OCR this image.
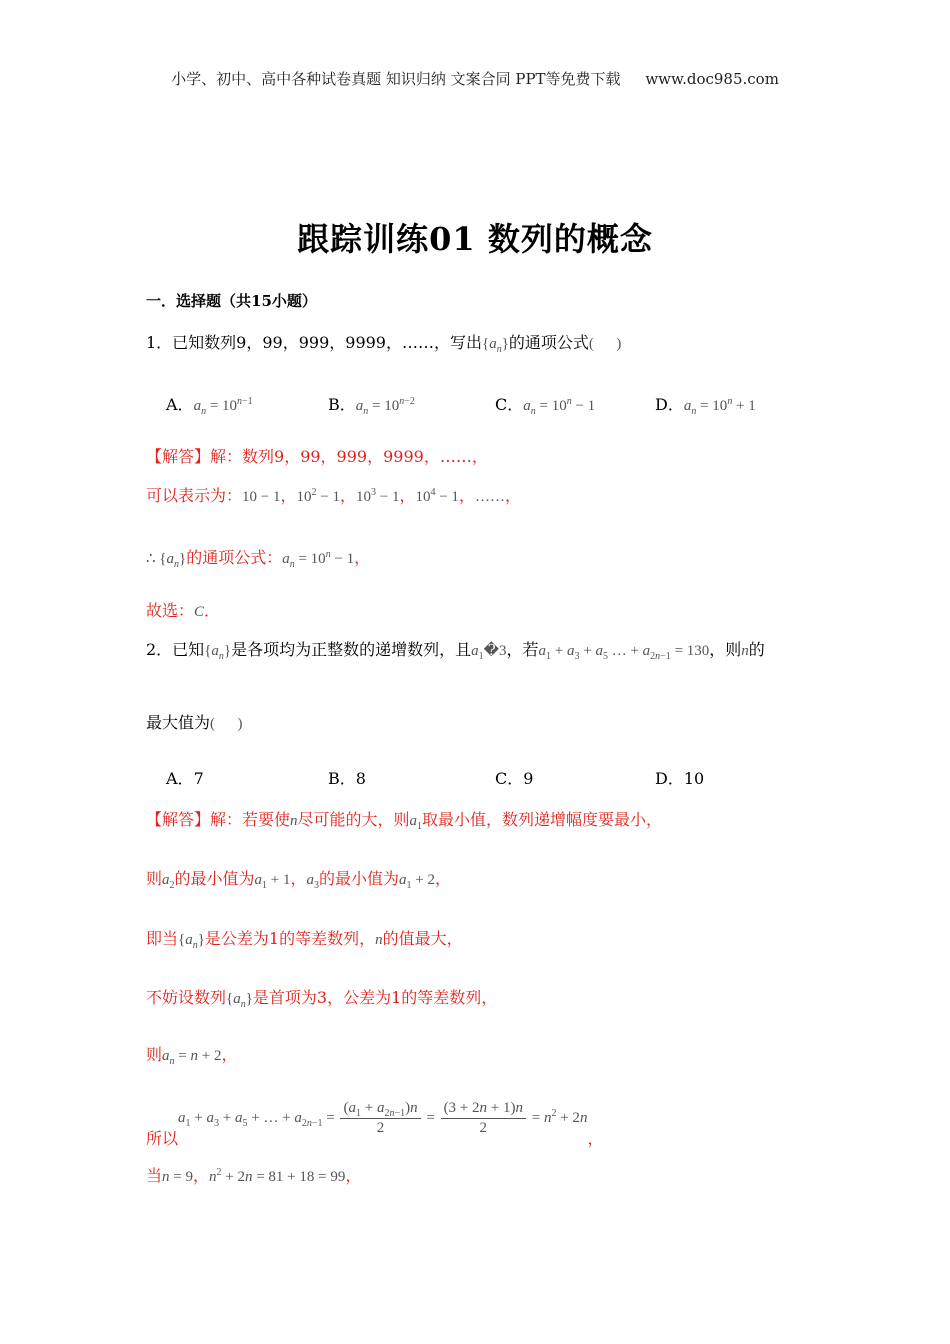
小学、初中、高中各种试卷真题 知识归纳 文案合同 PPT等免费下载 www.doc985.com
跟踪训练01 数列的概念
一．选择题（共15小题）
1．已知数列9，99，999，9999，……，写出$\{a_n\}$的通项公式(      )
A．$a_n = 10^{n-1}$	B．$a_n = 10^{n-2}$	C．$a_n = 10^n - 1$	D．$a_n = 10^n + 1$
【解答】解：数列9，99，999，9999，……，
可以表示为：10 − 1，$10^2 - 1$，$10^3 - 1$，$10^4 - 1$，……，
∴ $\{a_n\}$的通项公式：$a_n = 10^n - 1$，
故选：C．
2．已知$\{a_n\}$是各项均为正整数的递增数列，且$a_1�3$，若$a_1 + a_3 + a_5$ … + $a_{2n-1} = 130$，则n的
最大值为(      )
A．7	B．8	C．9	D．10
【解答】解：若要使n尽可能的大，则$a_1$取最小值，数列递增幅度要最小，
则$a_2$的最小值为$a_1 + 1$，$a_3$的最小值为$a_1 + 2$，
即当$\{a_n\}$是公差为1的等差数列，n的值最大，
不妨设数列$\{a_n\}$是首项为3，公差为1的等差数列，
则$a_n = n + 2$，
所以$a_1 + a_3 + a_5$ + … + $a_{2n-1} = \frac{(a_1 + a_{2n-1})n}{2} = \frac{(3 + 2n + 1)n}{2} = n^2 + 2n$，
当n = 9，$n^2 + 2n = 81 + 18 = 99$，
